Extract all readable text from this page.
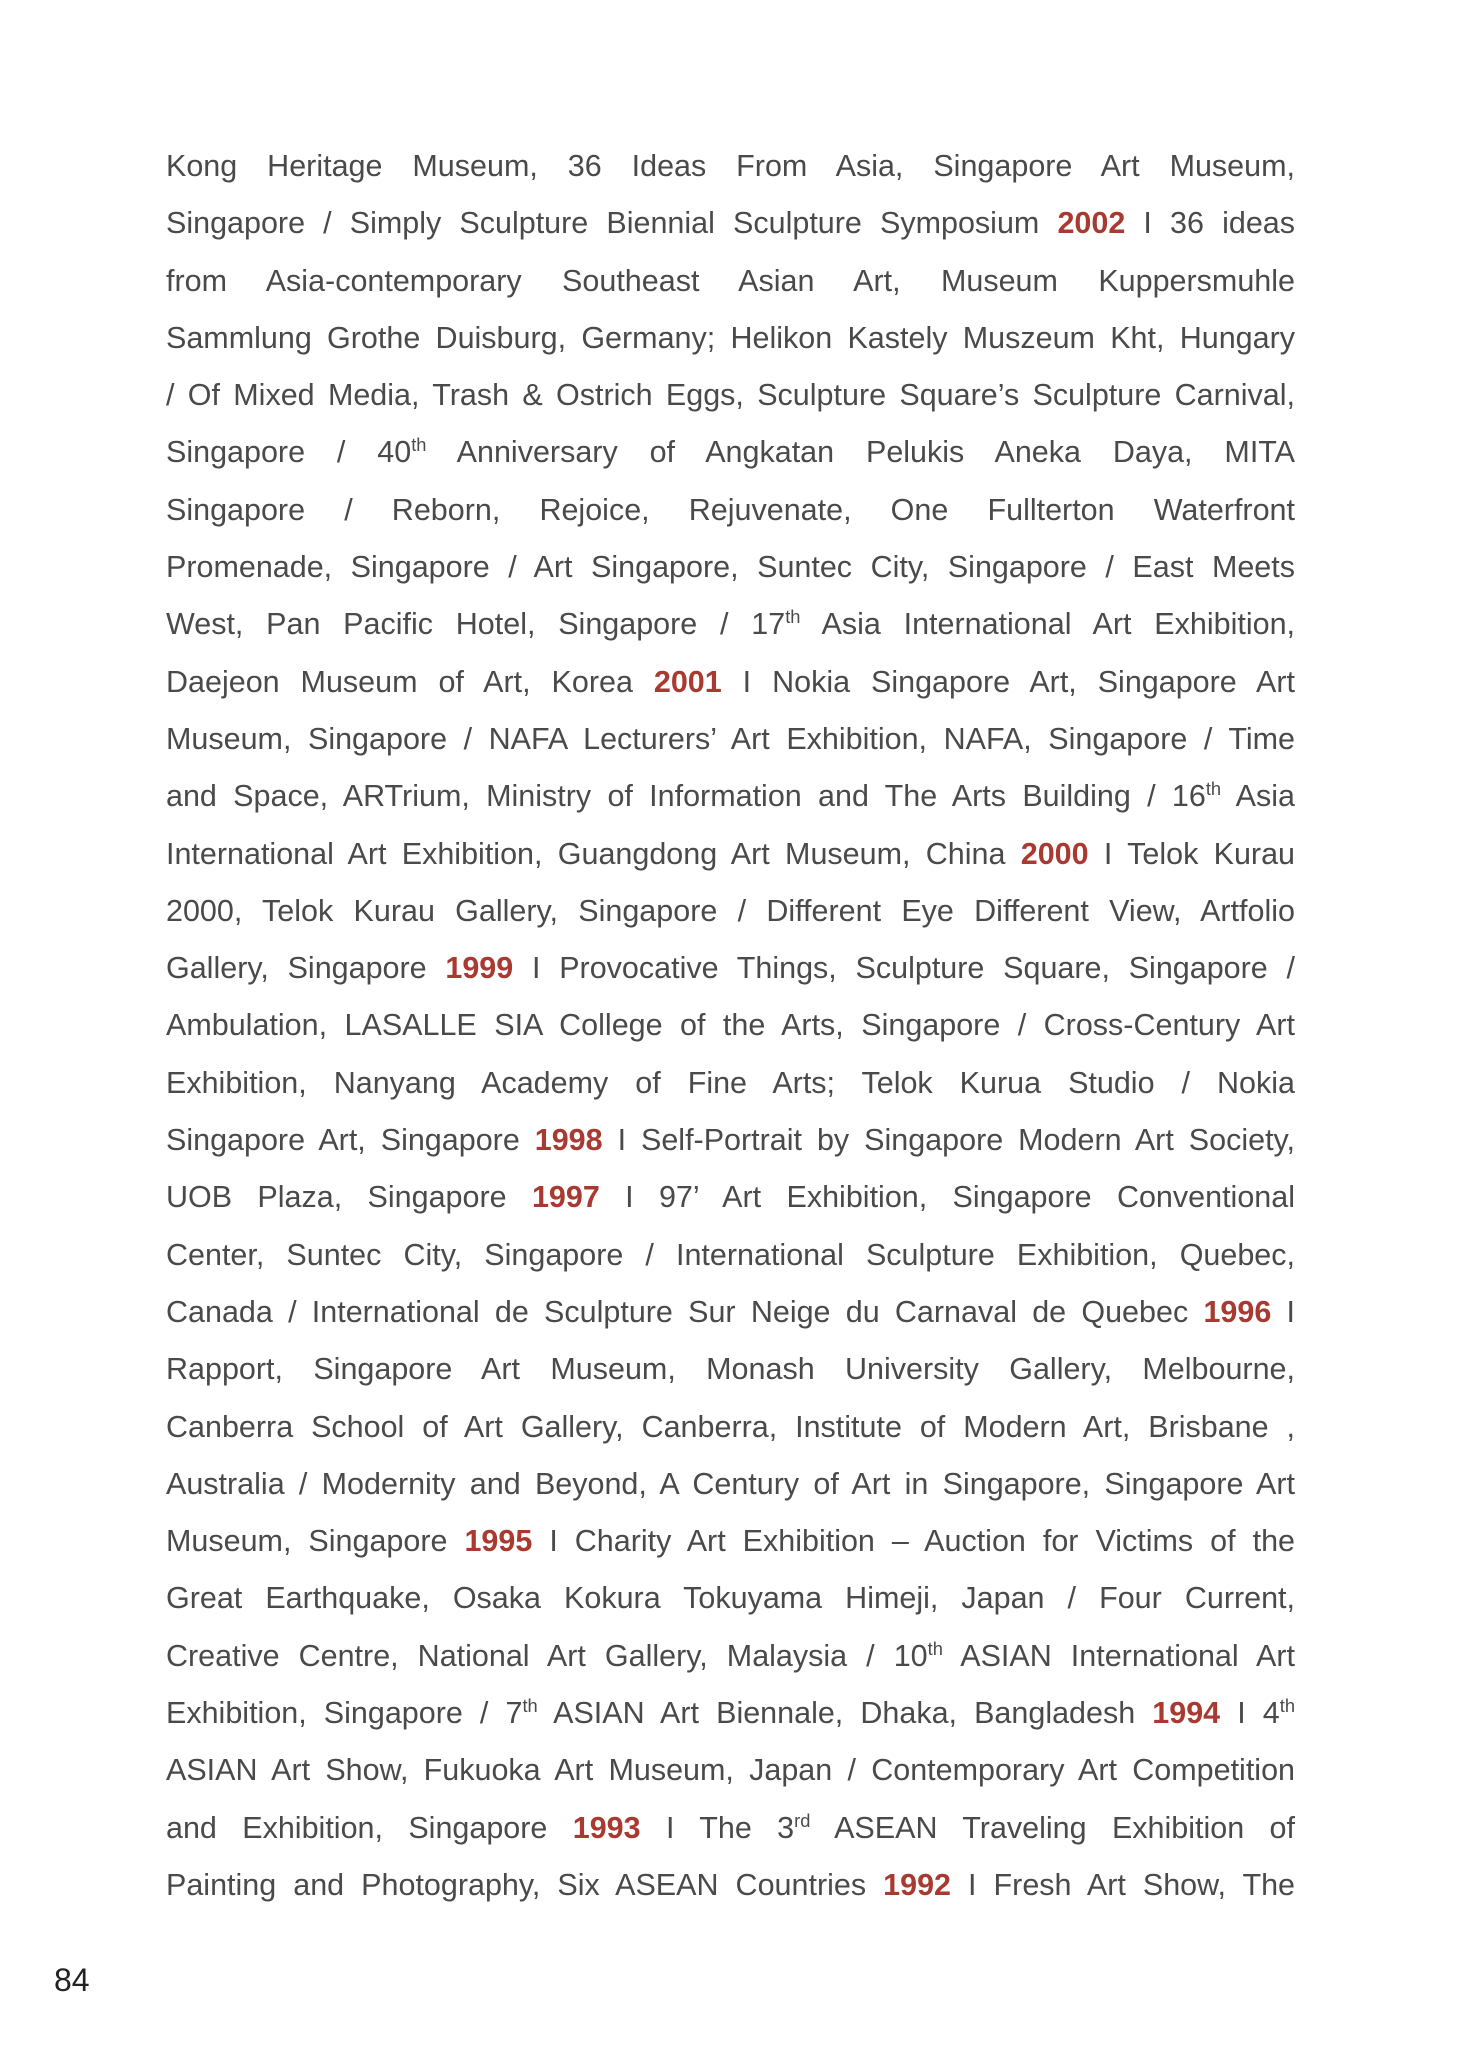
Kong Heritage Museum, 36 Ideas From Asia, Singapore Art Museum,
Singapore / Simply Sculpture Biennial Sculpture Symposium 2002 I 36 ideas
from Asia-contemporary Southeast Asian Art, Museum Kuppersmuhle
Sammlung Grothe Duisburg, Germany; Helikon Kastely Muszeum Kht, Hungary
/ Of Mixed Media, Trash & Ostrich Eggs, Sculpture Square’s Sculpture Carnival,
Singapore / 40th Anniversary of Angkatan Pelukis Aneka Daya, MITA
Singapore / Reborn, Rejoice, Rejuvenate, One Fullterton Waterfront
Promenade, Singapore / Art Singapore, Suntec City, Singapore / East Meets
West, Pan Pacific Hotel, Singapore / 17th Asia International Art Exhibition,
Daejeon Museum of Art, Korea 2001 I Nokia Singapore Art, Singapore Art
Museum, Singapore / NAFA Lecturers’ Art Exhibition, NAFA, Singapore / Time
and Space, ARTrium, Ministry of Information and The Arts Building / 16th Asia
International Art Exhibition, Guangdong Art Museum, China 2000 I Telok Kurau
2000, Telok Kurau Gallery, Singapore / Different Eye Different View, Artfolio
Gallery, Singapore 1999 I Provocative Things, Sculpture Square, Singapore /
Ambulation, LASALLE SIA College of the Arts, Singapore / Cross-Century Art
Exhibition, Nanyang Academy of Fine Arts; Telok Kurua Studio / Nokia
Singapore Art, Singapore 1998 I Self-Portrait by Singapore Modern Art Society,
UOB Plaza, Singapore 1997 I 97’ Art Exhibition, Singapore Conventional
Center, Suntec City, Singapore / International Sculpture Exhibition, Quebec,
Canada / International de Sculpture Sur Neige du Carnaval de Quebec 1996 I
Rapport, Singapore Art Museum, Monash University Gallery, Melbourne,
Canberra School of Art Gallery, Canberra, Institute of Modern Art, Brisbane ,
Australia / Modernity and Beyond, A Century of Art in Singapore, Singapore Art
Museum, Singapore 1995 I Charity Art Exhibition – Auction for Victims of the
Great Earthquake, Osaka Kokura Tokuyama Himeji, Japan / Four Current,
Creative Centre, National Art Gallery, Malaysia / 10th ASIAN International Art
Exhibition, Singapore / 7th ASIAN Art Biennale, Dhaka, Bangladesh 1994 I 4th
ASIAN Art Show, Fukuoka Art Museum, Japan / Contemporary Art Competition
and Exhibition, Singapore 1993 I The 3rd ASEAN Traveling Exhibition of
Painting and Photography, Six ASEAN Countries 1992 I Fresh Art Show, The
84
